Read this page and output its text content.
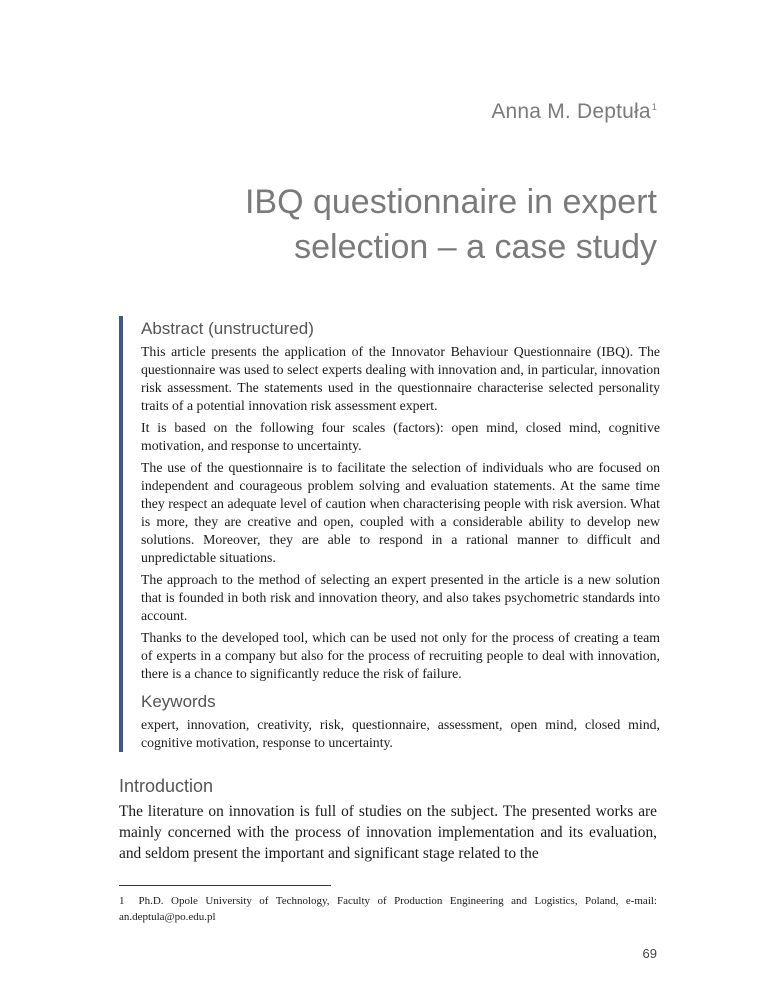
Anna M. Deptuła$^1$
IBQ questionnaire in expert selection – a case study
Abstract (unstructured)

This article presents the application of the Innovator Behaviour Questionnaire (IBQ). The questionnaire was used to select experts dealing with innovation and, in particular, innovation risk assessment. The statements used in the questionnaire characterise selected personality traits of a potential innovation risk assessment expert.

It is based on the following four scales (factors): open mind, closed mind, cognitive motivation, and response to uncertainty.

The use of the questionnaire is to facilitate the selection of individuals who are focused on independent and courageous problem solving and evaluation statements. At the same time they respect an adequate level of caution when characterising people with risk aversion. What is more, they are creative and open, coupled with a considerable ability to develop new solutions. Moreover, they are able to respond in a rational manner to difficult and unpredictable situations.

The approach to the method of selecting an expert presented in the article is a new solution that is founded in both risk and innovation theory, and also takes psychometric standards into account.

Thanks to the developed tool, which can be used not only for the process of creating a team of experts in a company but also for the process of recruiting people to deal with innovation, there is a chance to significantly reduce the risk of failure.

Keywords

expert, innovation, creativity, risk, questionnaire, assessment, open mind, closed mind, cognitive motivation, response to uncertainty.

Introduction

The literature on innovation is full of studies on the subject. The presented works are mainly concerned with the process of innovation implementation and its evaluation, and seldom present the important and significant stage related to the

1 Ph.D. Opole University of Technology, Faculty of Production Engineering and Logistics, Poland, e-mail: an.deptula@po.edu.pl

69
